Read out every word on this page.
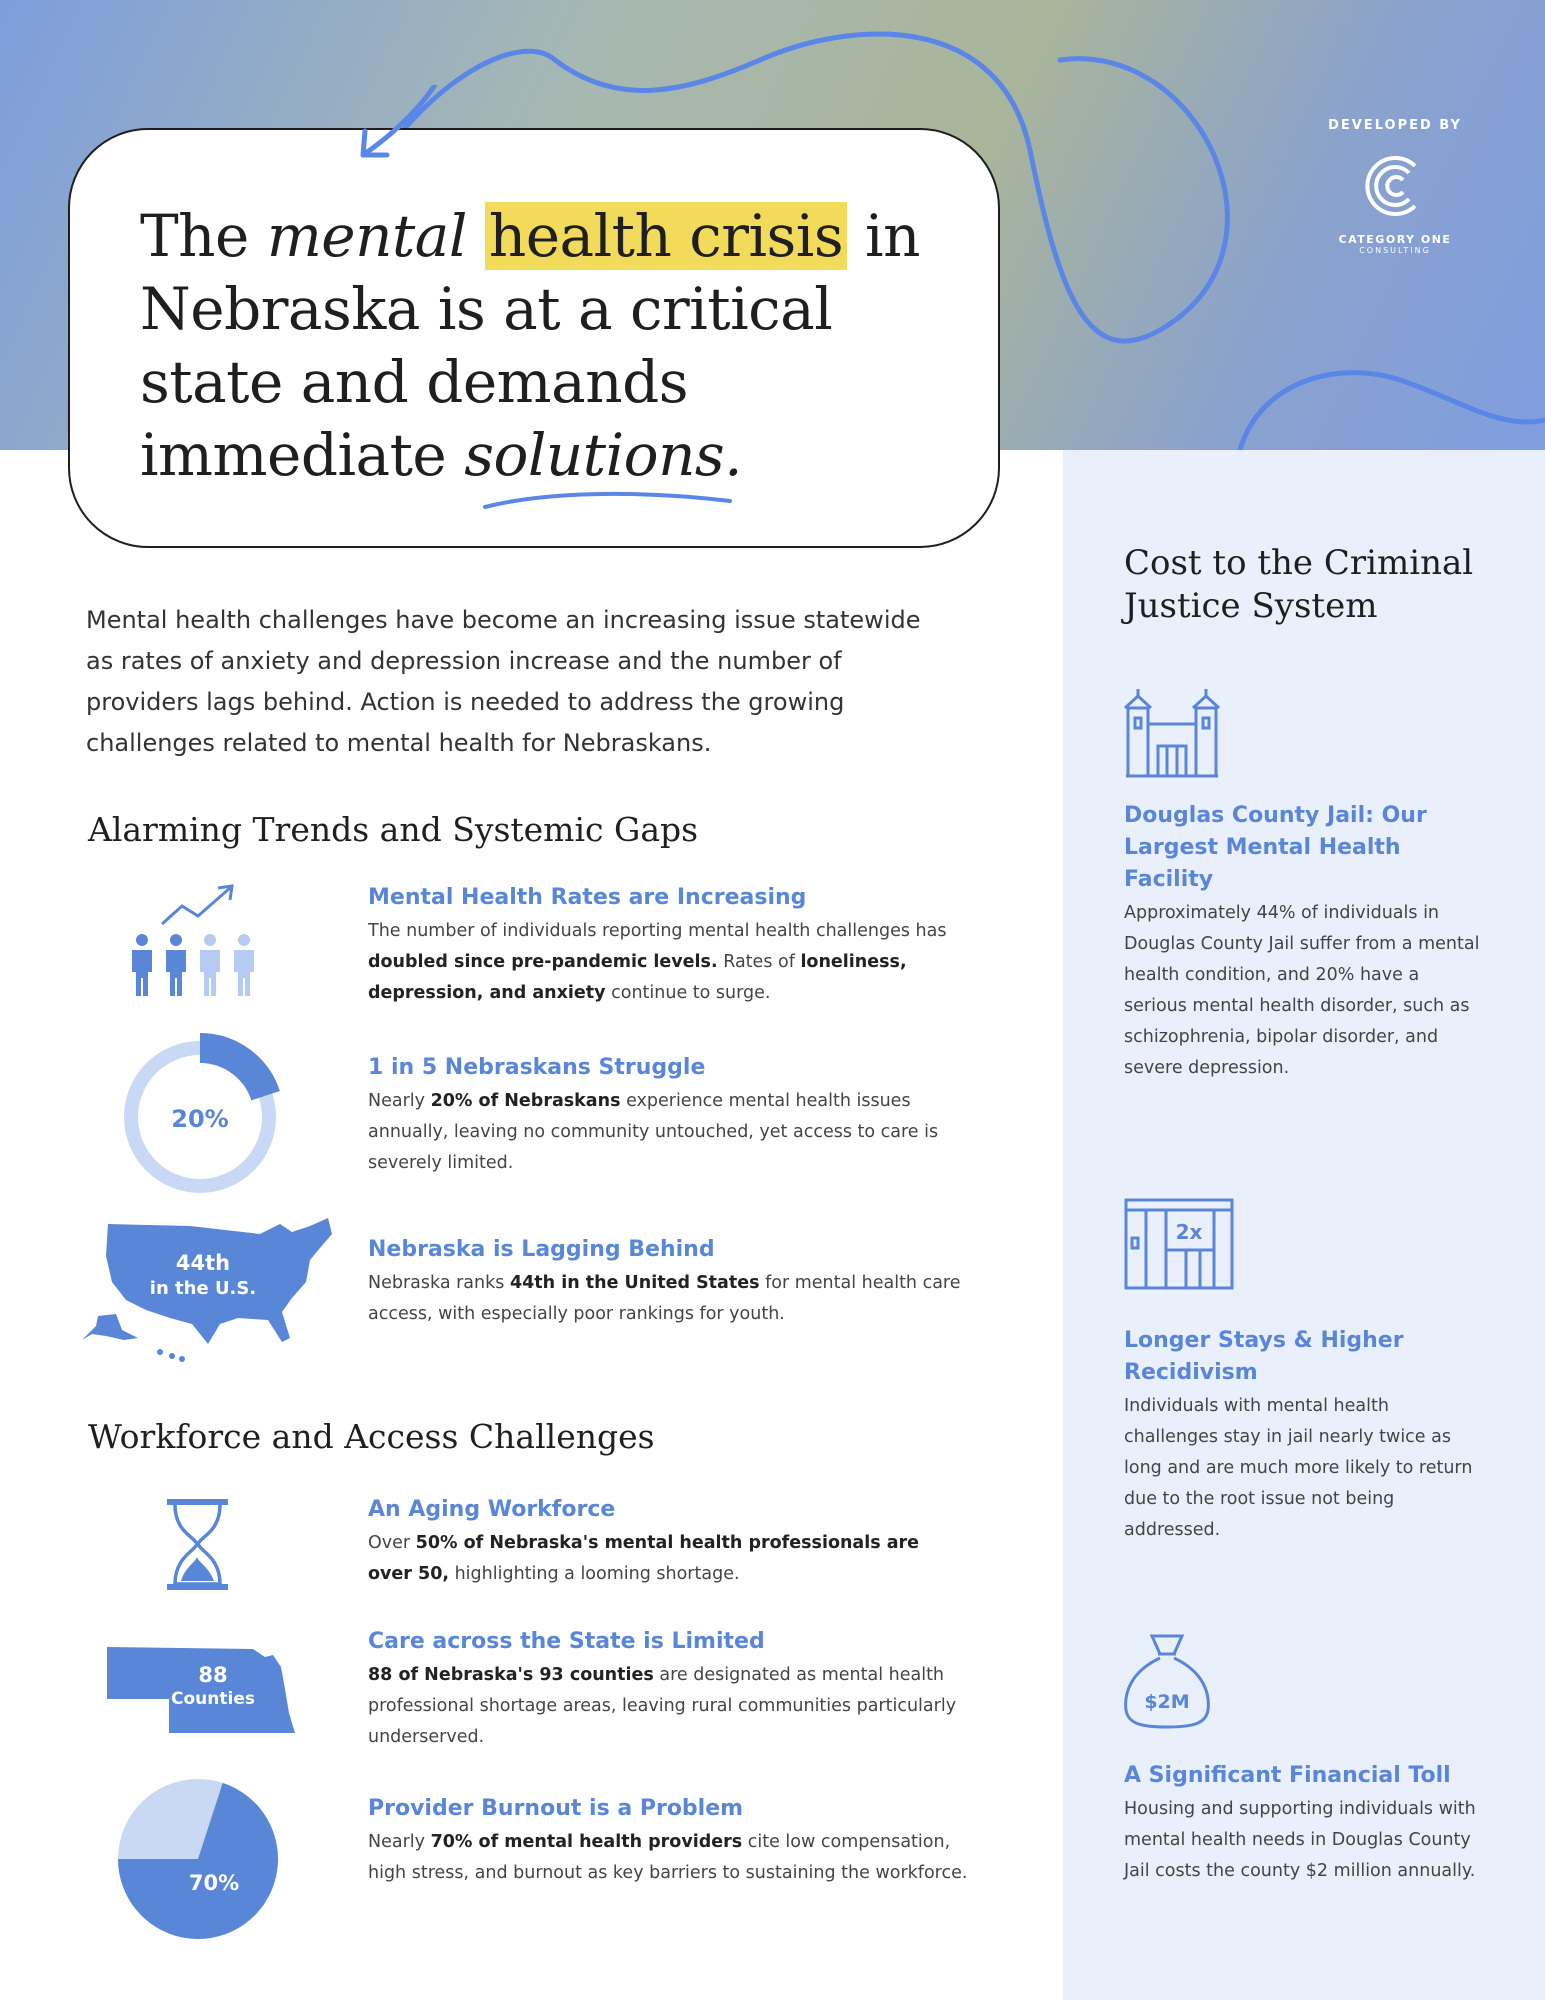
DEVELOPED BY
CATEGORY ONE
CONSULTING
The mental health crisis in Nebraska is at a critical state and demands immediate solutions.

Mental health challenges have become an increasing issue statewide as rates of anxiety and depression increase and the number of providers lags behind. Action is needed to address the growing challenges related to mental health for Nebraskans.

Alarming Trends and Systemic Gaps

Mental Health Rates are Increasing

The number of individuals reporting mental health challenges has doubled since pre-pandemic levels. Rates of loneliness, depression, and anxiety continue to surge.

20%

1 in 5 Nebraskans Struggle

Nearly 20% of Nebraskans experience mental health issues annually, leaving no community untouched, yet access to care is severely limited.

44th
in the U.S.

Nebraska is Lagging Behind

Nebraska ranks 44th in the United States for mental health care access, with especially poor rankings for youth.

Workforce and Access Challenges

An Aging Workforce

Over 50% of Nebraska's mental health professionals are over 50, highlighting a looming shortage.

88
Counties

Care across the State is Limited

88 of Nebraska's 93 counties are designated as mental health professional shortage areas, leaving rural communities particularly underserved.

70%

Provider Burnout is a Problem

Nearly 70% of mental health providers cite low compensation, high stress, and burnout as key barriers to sustaining the workforce.

Cost to the Criminal Justice System

Douglas County Jail: Our Largest Mental Health Facility

Approximately 44% of individuals in Douglas County Jail suffer from a mental health condition, and 20% have a serious mental health disorder, such as schizophrenia, bipolar disorder, and severe depression.

2x

Longer Stays & Higher Recidivism

Individuals with mental health challenges stay in jail nearly twice as long and are much more likely to return due to the root issue not being addressed.

$2M

A Significant Financial Toll

Housing and supporting individuals with mental health needs in Douglas County Jail costs the county $2 million annually.
